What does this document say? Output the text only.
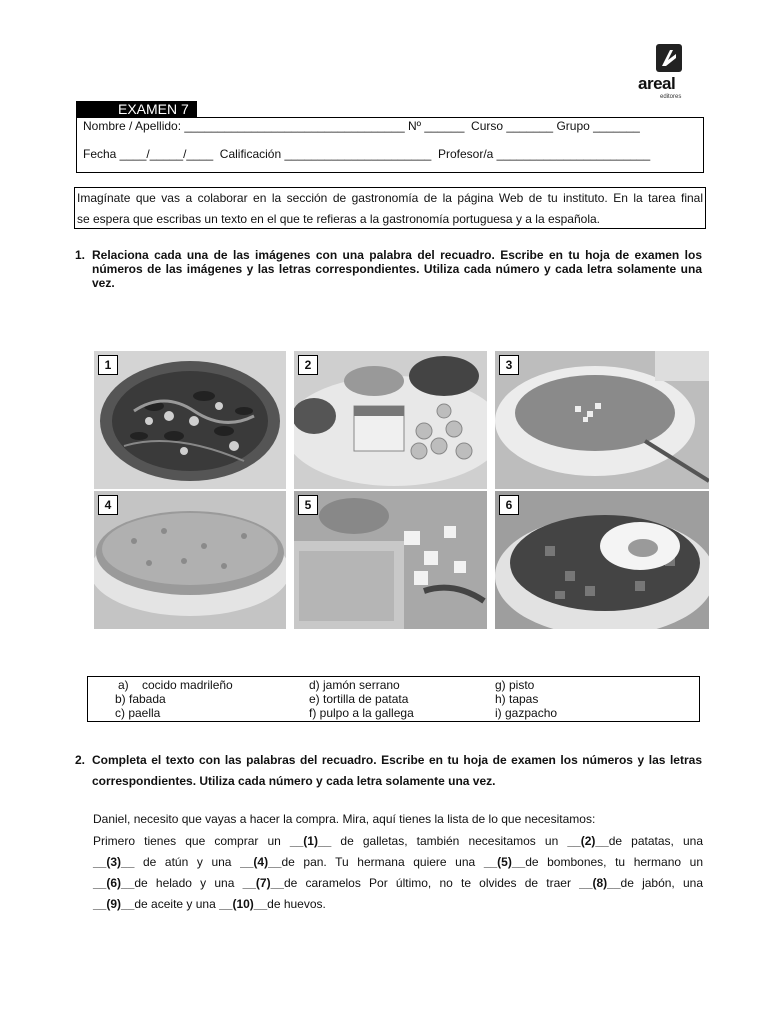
areal
editores
EXAMEN 7
Nombre / Apellido: _________________________________ Nº ______  Curso _______ Grupo _______
Fecha ____/_____/____  Calificación ______________________  Profesor/a _______________________

Imagínate que vas a colaborar en la sección de gastronomía de la página Web de tu instituto. En la tarea final

se espera que escribas un texto en el que te refieras a la gastronomía portuguesa y a la española.

1. Relaciona cada una de las imágenes con una palabra del recuadro. Escribe en tu hoja de examen los números de las imágenes y las letras correspondientes. Utiliza cada número y cada letra solamente una vez.
1	2	3
4	5	6
a)    cocido madrileño
b) fabada
c) paella
d) jamón serrano
e) tortilla de patata
f) pulpo a la gallega
g) pisto
h) tapas
i) gazpacho
2. Completa el texto con las palabras del recuadro. Escribe en tu hoja de examen los números y las letras correspondientes. Utiliza cada número y cada letra solamente una vez.
Daniel, necesito que vayas a hacer la compra. Mira, aquí tienes la lista de lo que necesitamos:
Primero tienes que comprar un __(1)__ de galletas, también necesitamos un __(2)__de patatas, una
__(3)__ de atún y una __(4)__de pan. Tu hermana quiere una __(5)__de bombones, tu hermano un
__(6)__de helado y una __(7)__de caramelos Por último, no te olvides de traer __(8)__de jabón, una
__(9)__de aceite y una __(10)__de huevos.
